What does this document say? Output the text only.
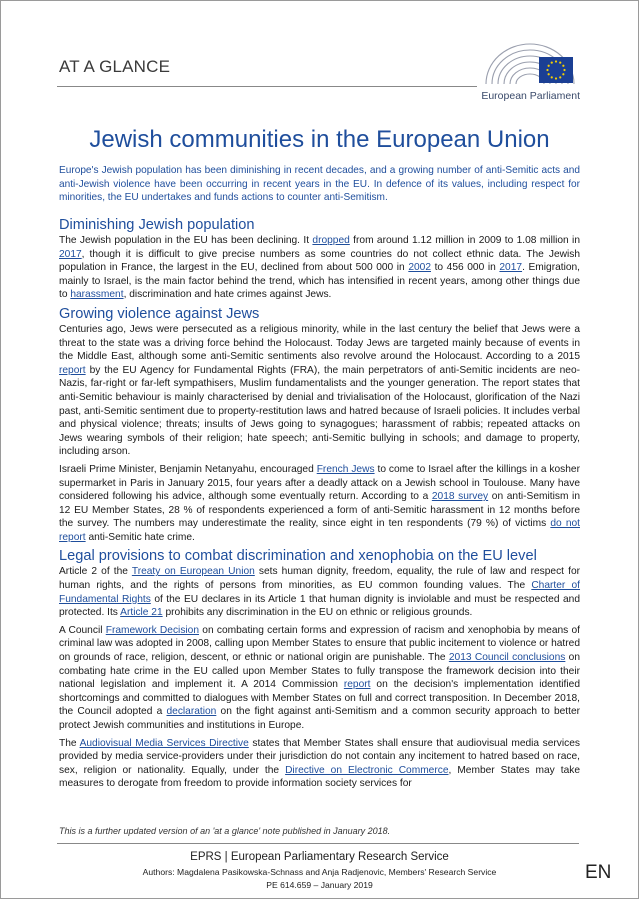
AT A GLANCE
European Parliament
Jewish communities in the European Union
Europe's Jewish population has been diminishing in recent decades, and a growing number of anti-Semitic acts and anti-Jewish violence have been occurring in recent years in the EU. In defence of its values, including respect for minorities, the EU undertakes and funds actions to counter anti-Semitism.
Diminishing Jewish population

The Jewish population in the EU has been declining. It dropped from around 1.12 million in 2009 to 1.08 million in 2017, though it is difficult to give precise numbers as some countries do not collect ethnic data. The Jewish population in France, the largest in the EU, declined from about 500 000 in 2002 to 456 000 in 2017. Emigration, mainly to Israel, is the main factor behind the trend, which has intensified in recent years, among other things due to harassment, discrimination and hate crimes against Jews.

Growing violence against Jews

Centuries ago, Jews were persecuted as a religious minority, while in the last century the belief that Jews were a threat to the state was a driving force behind the Holocaust. Today Jews are targeted mainly because of events in the Middle East, although some anti-Semitic sentiments also revolve around the Holocaust. According to a 2015 report by the EU Agency for Fundamental Rights (FRA), the main perpetrators of anti-Semitic incidents are neo-Nazis, far-right or far-left sympathisers, Muslim fundamentalists and the younger generation. The report states that anti-Semitic behaviour is mainly characterised by denial and trivialisation of the Holocaust, glorification of the Nazi past, anti-Semitic sentiment due to property-restitution laws and hatred because of Israeli policies. It includes verbal and physical violence; threats; insults of Jews going to synagogues; harassment of rabbis; repeated attacks on Jews wearing symbols of their religion; hate speech; anti-Semitic bullying in schools; and damage to property, including arson.

Israeli Prime Minister, Benjamin Netanyahu, encouraged French Jews to come to Israel after the killings in a kosher supermarket in Paris in January 2015, four years after a deadly attack on a Jewish school in Toulouse. Many have considered following his advice, although some eventually return. According to a 2018 survey on anti-Semitism in 12 EU Member States, 28 % of respondents experienced a form of anti-Semitic harassment in 12 months before the survey. The numbers may underestimate the reality, since eight in ten respondents (79 %) of victims do not report anti-Semitic hate crime.

Legal provisions to combat discrimination and xenophobia on the EU level

Article 2 of the Treaty on European Union sets human dignity, freedom, equality, the rule of law and respect for human rights, and the rights of persons from minorities, as EU common founding values. The Charter of Fundamental Rights of the EU declares in its Article 1 that human dignity is inviolable and must be respected and protected. Its Article 21 prohibits any discrimination in the EU on ethnic or religious grounds.

A Council Framework Decision on combating certain forms and expression of racism and xenophobia by means of criminal law was adopted in 2008, calling upon Member States to ensure that public incitement to violence or hatred on grounds of race, religion, descent, or ethnic or national origin are punishable. The 2013 Council conclusions on combating hate crime in the EU called upon Member States to fully transpose the framework decision into their national legislation and implement it. A 2014 Commission report on the decision's implementation identified shortcomings and committed to dialogues with Member States on full and correct transposition. In December 2018, the Council adopted a declaration on the fight against anti-Semitism and a common security approach to better protect Jewish communities and institutions in Europe.

The Audiovisual Media Services Directive states that Member States shall ensure that audiovisual media services provided by media service-providers under their jurisdiction do not contain any incitement to hatred based on race, sex, religion or nationality. Equally, under the Directive on Electronic Commerce, Member States may take measures to derogate from freedom to provide information society services for

This is a further updated version of an 'at a glance' note published in January 2018.
EPRS | European Parliamentary Research Service
Authors: Magdalena Pasikowska-Schnass and Anja Radjenovic, Members' Research Service
PE 614.659 – January 2019
EN
